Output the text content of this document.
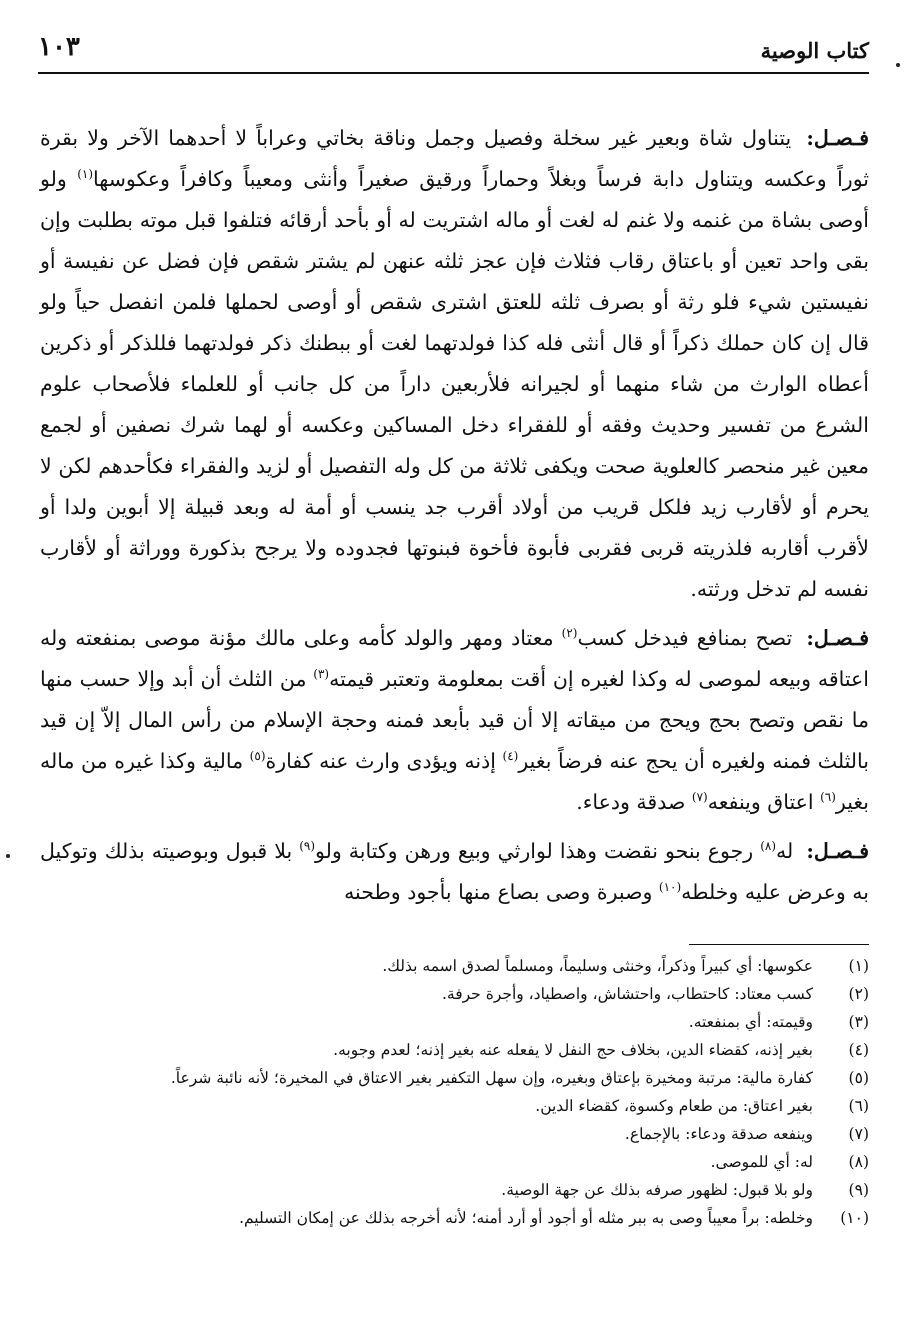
كتاب الوصية
١٠٣

فـصـل: يتناول شاة وبعير غير سخلة وفصيل وجمل وناقة بخاتي وعراباً لا أحدهما الآخر ولا بقرة ثوراً وعكسه ويتناول دابة فرساً وبغلاً وحماراً ورقيق صغيراً وأنثى ومعيباً وكافراً وعكوسها$^{(١)}$ ولو أوصى بشاة من غنمه ولا غنم له لغت أو ماله اشتريت له أو بأحد أرقائه فتلفوا قبل موته بطلبت وإن بقى واحد تعين أو باعتاق رقاب فثلاث فإن عجز ثلثه عنهن لم يشتر شقص فإن فضل عن نفيسة أو نفيستين شيء فلو رثة أو بصرف ثلثه للعتق اشترى شقص أو أوصى لحملها فلمن انفصل حياً ولو قال إن كان حملك ذكراً أو قال أنثى فله كذا فولدتهما لغت أو ببطنك ذكر فولدتهما فللذكر أو ذكرين أعطاه الوارث من شاء منهما أو لجيرانه فلأربعين داراً من كل جانب أو للعلماء فلأصحاب علوم الشرع من تفسير وحديث وفقه أو للفقراء دخل المساكين وعكسه أو لهما شرك نصفين أو لجمع معين غير منحصر كالعلوية صحت ويكفى ثلاثة من كل وله التفصيل أو لزيد والفقراء فكأحدهم لكن لا يحرم أو لأقارب زيد فلكل قريب من أولاد أقرب جد ينسب أو أمة له وبعد قبيلة إلا أبوين ولدا أو لأقرب أقاربه فلذريته قربى فقربى فأبوة فأخوة فبنوتها فجدوده ولا يرجح بذكورة ووراثة أو لأقارب نفسه لم تدخل ورثته.

فـصـل: تصح بمنافع فيدخل كسب$^{(٢)}$ معتاد ومهر والولد كأمه وعلى مالك مؤنة موصى بمنفعته وله اعتاقه وبيعه لموصى له وكذا لغيره إن أقت بمعلومة وتعتبر قيمته$^{(٣)}$ من الثلث أن أبد وإلا حسب منها ما نقص وتصح بحج ويحج من ميقاته إلا أن قيد بأبعد فمنه وحجة الإسلام من رأس المال إلاّ إن قيد بالثلث فمنه ولغيره أن يحج عنه فرضاً بغير$^{(٤)}$ إذنه ويؤدى وارث عنه كفارة$^{(٥)}$ مالية وكذا غيره من ماله بغير$^{(٦)}$ اعتاق وينفعه$^{(٧)}$ صدقة ودعاء.

فـصـل: له$^{(٨)}$ رجوع بنحو نقضت وهذا لوارثي وبيع ورهن وكتابة ولو$^{(٩)}$ بلا قبول وبوصيته بذلك وتوكيل به وعرض عليه وخلطه$^{(١٠)}$ وصبرة وصى بصاع منها بأجود وطحنه

(١)
عكوسها: أي كبيراً وذكراً، وخنثى وسليماً، ومسلماً لصدق اسمه بذلك.
(٢)
كسب معتاد: كاحتطاب، واحتشاش، واصطياد، وأجرة حرفة.
(٣)
وقيمته: أي بمنفعته.
(٤)
بغير إذنه، كقضاء الدين، بخلاف حج النفل لا يفعله عنه بغير إذنه؛ لعدم وجوبه.
(٥)
كفارة مالية: مرتبة ومخيرة بإعتاق وبغيره، وإن سهل التكفير بغير الاعتاق في المخيرة؛ لأنه نائبة شرعاً.
(٦)
بغير اعتاق: من طعام وكسوة، كقضاء الدين.
(٧)
وينفعه صدقة ودعاء: بالإجماع.
(٨)
له: أي للموصى.
(٩)
ولو بلا قبول: لظهور صرفه بذلك عن جهة الوصية.
(١٠)
وخلطه: براً معيباً وصى به ببر مثله أو أجود أو أرد أمنه؛ لأنه أخرجه بذلك عن إمكان التسليم.
